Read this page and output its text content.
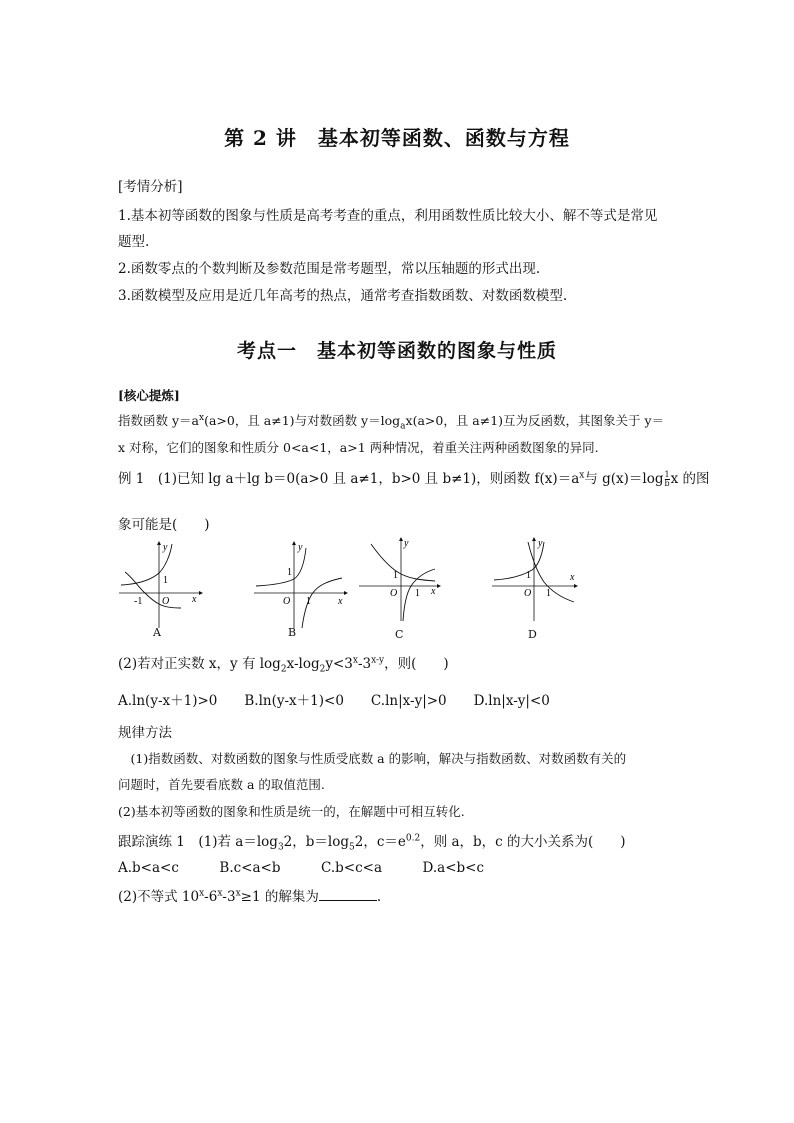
第 2 讲　基本初等函数、函数与方程
[考情分析]
1.基本初等函数的图象与性质是高考考查的重点，利用函数性质比较大小、解不等式是常见
题型.
2.函数零点的个数判断及参数范围是常考题型，常以压轴题的形式出现.
3.函数模型及应用是近几年高考的热点，通常考查指数函数、对数函数模型.
考点一　基本初等函数的图象与性质
[核心提炼]
指数函数 $y=a^x(a>0$，且 a≠1)与对数函数 $y=\log_ax(a>0$，且 a≠1)互为反函数，其图象关于 y＝
x 对称，它们的图象和性质分 0<a<1，a>1 两种情况，着重关注两种函数图象的异同.
例 1　(1)已知 lg a＋lg b＝0(a>0 且 a≠1，b>0 且 b≠1)，则函数 $f(x)=a^x$与 $g(x)=\log \frac{1}{b}x$ 的图
象可能是(　　)
y
x
1
O
-1
A
y
x
1
O 1
B
y
x
1
O 1
C
y
x
1
O 1
D
(2)若对正实数 x，y 有 $\log_2x-\log_2y<3^x-3^{x-y}$，则(　　)
A.ln(y-x＋1)>0　　B.ln(y-x＋1)<0　　C.ln|x-y|>0　　D.ln|x-y|<0
规律方法
　(1)指数函数、对数函数的图象与性质受底数 a 的影响，解决与指数函数、对数函数有关的
问题时，首先要看底数 a 的取值范围.
(2)基本初等函数的图象和性质是统一的，在解题中可相互转化.
跟踪演练 1　(1)若 $a=\log_32$，$b=\log_52$，$c=e^{0.2}$，则 a，b，c 的大小关系为(　　)
A.b<a<c　　　B.c<a<b　　　C.b<c<a　　　D.a<b<c
(2)不等式 $10^x-6^x-3^x\ge 1$ 的解集为	.
